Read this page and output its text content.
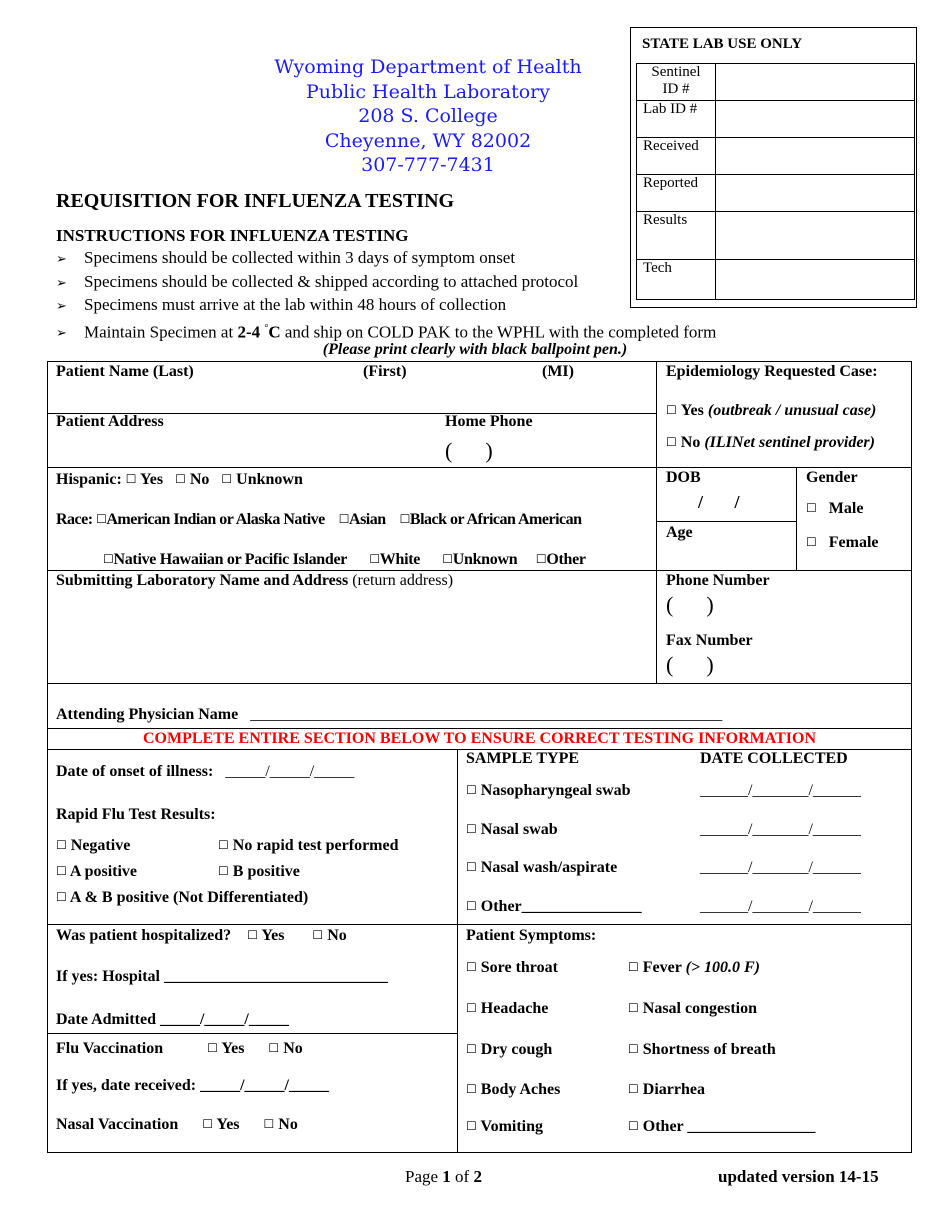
Wyoming Department of Health
Public Health Laboratory
208 S. College
Cheyenne, WY 82002
307-777-7431
STATE LAB USE ONLY
Sentinel ID #	
Lab ID #	
Received	
Reported	
Results	
Tech	
REQUISITION FOR INFLUENZA TESTING
INSTRUCTIONS FOR INFLUENZA TESTING
➢ Specimens should be collected within 3 days of symptom onset
➢ Specimens should be collected & shipped according to attached protocol
➢ Specimens must arrive at the lab within 48 hours of collection
➢ Maintain Specimen at 2-4 °C and ship on COLD PAK to the WPHL with the completed form
(Please print clearly with black ballpoint pen.)
Patient Name (Last)	(First)	(MI)
Patient Address	Home Phone
(      )
Epidemiology Requested Case:
☐ Yes (outbreak / unusual case)
☐ No (ILINet sentinel provider)
Hispanic: ☐ Yes ☐ No ☐ Unknown
Race: ☐American Indian or Alaska Native ☐Asian ☐Black or African American
☐Native Hawaiian or Pacific Islander ☐White ☐Unknown ☐Other
DOB
/       /
Age
Gender
☐ Male
☐ Female
Submitting Laboratory Name and Address (return address)	Phone Number
(      )
Fax Number
(      )
Attending Physician Name ___________________________________________________________
COMPLETE ENTIRE SECTION BELOW TO ENSURE CORRECT TESTING INFORMATION
Date of onset of illness: _____/_____/_____
Rapid Flu Test Results:
☐ Negative	☐ No rapid test performed
☐ A positive	☐ B positive
☐ A & B positive (Not Differentiated)
SAMPLE TYPE	DATE COLLECTED
☐ Nasopharyngeal swab	______/_______/______
☐ Nasal swab	______/_______/______
☐ Nasal wash/aspirate	______/_______/______
☐ Other_______________	______/_______/______
Was patient hospitalized? ☐ Yes ☐ No
If yes: Hospital ____________________________
Date Admitted _____/_____/_____
Flu Vaccination	☐ Yes ☐ No
If yes, date received: _____/_____/_____
Nasal Vaccination ☐ Yes ☐ No
Patient Symptoms:
☐ Sore throat	☐ Fever (> 100.0 F)
☐ Headache	☐ Nasal congestion
☐ Dry cough	☐ Shortness of breath
☐ Body Aches	☐ Diarrhea
☐ Vomiting	☐ Other ________________
Page 1 of 2	updated version 14-15
